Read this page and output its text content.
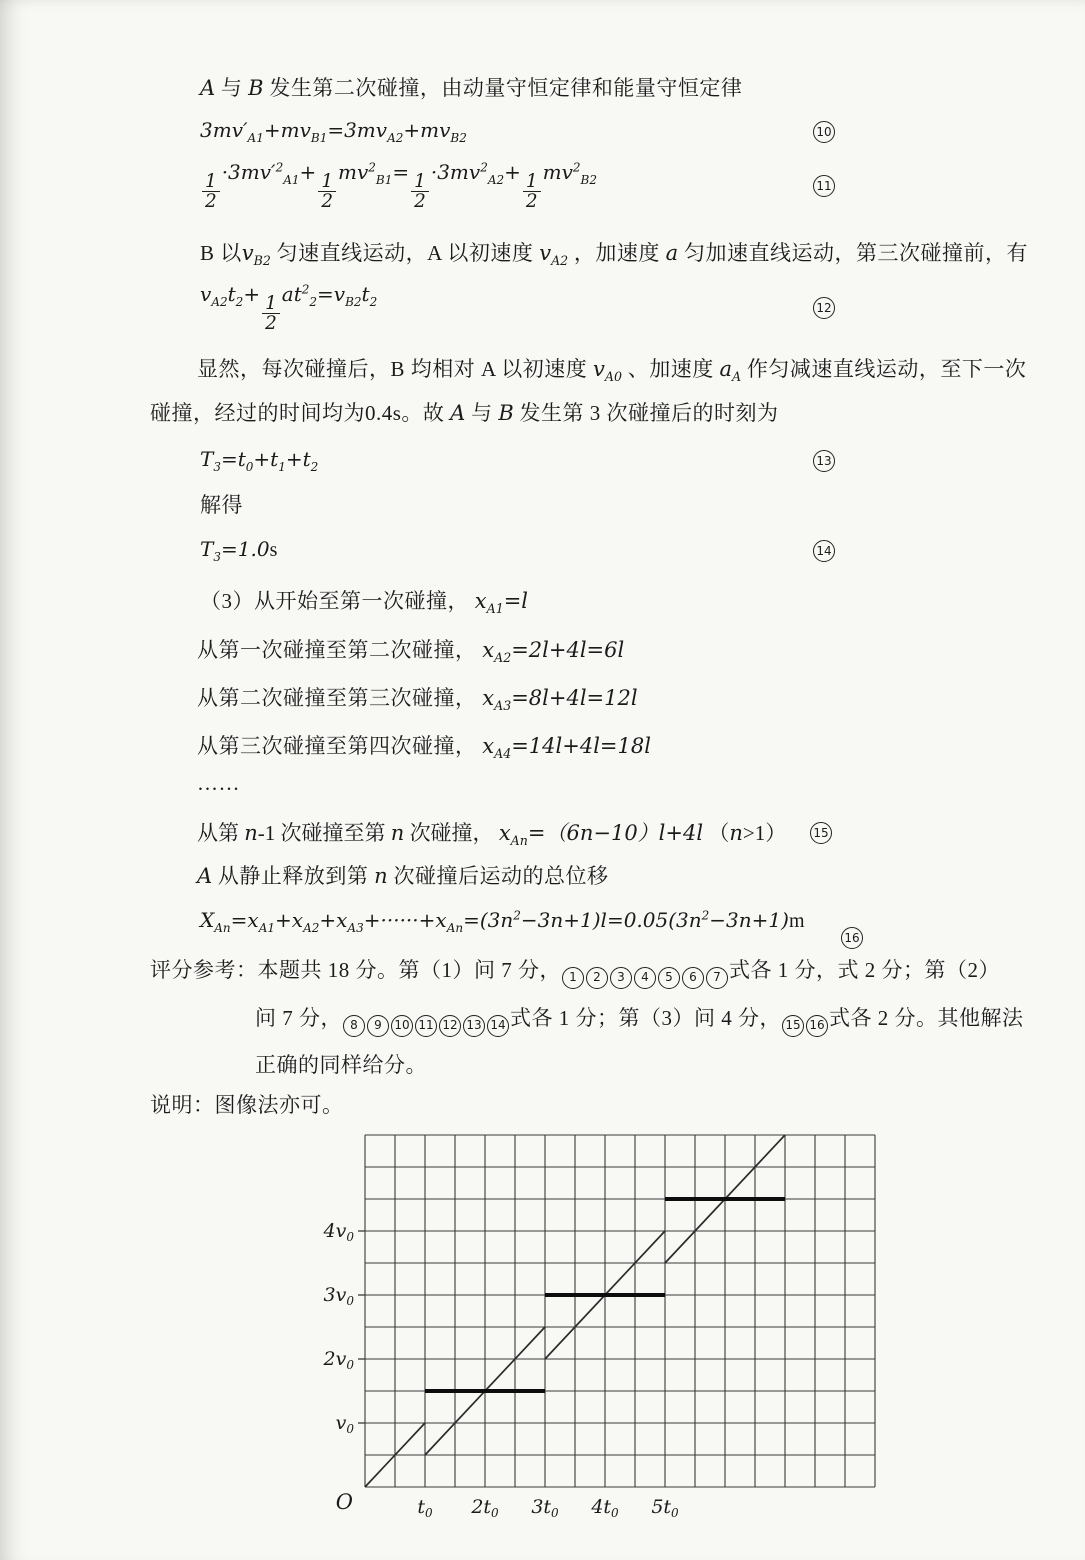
A 与 B 发生第二次碰撞，由动量守恒定律和能量守恒定律
$3mv'_{A1}+mv_{B1}=3mv_{A2}+mv_{B2}$	10
$\frac{1}{2} \cdot 3mv'^2_{A1}+ \frac{1}{2} mv^2_{B1}= \frac{1}{2} \cdot 3mv^2_{A2}+ \frac{1}{2} mv^2_{B2}$	11
B 以$v_{B2}$ 匀速直线运动，A 以初速度 $v_{A2}$ ，加速度 a 匀加速直线运动，第三次碰撞前，有
$v_{A2}t_2+ \frac{1}{2} at^2_2=v_{B2}t_2$	12
显然，每次碰撞后，B 均相对 A 以初速度 $v_{A0}$ 、加速度 $a_A$ 作匀减速直线运动，至下一次
碰撞，经过的时间均为0.4s。故 A 与 B 发生第 3 次碰撞后的时刻为
$T_3=t_0+t_1+t_2$	13
解得
$T_3=1.0s$	14
（3）从开始至第一次碰撞， $x_{A1}=l$
从第一次碰撞至第二次碰撞， $x_{A2}=2l+4l=6l$
从第二次碰撞至第三次碰撞， $x_{A3}=8l+4l=12l$
从第三次碰撞至第四次碰撞， $x_{A4}=14l+4l=18l$
……
从第 n-1 次碰撞至第 n 次碰撞， $x_{An}=(6n-10)l+4l$ （n>1） 15
A 从静止释放到第 n 次碰撞后运动的总位移
$X_{An}=x_{A1}+x_{A2}+x_{A3}+\cdot\cdot\cdot\cdot\cdot\cdot+x_{An}=(3n^2-3n+1)l=0.05(3n^2-3n+1)m$
16
评分参考：本题共 18 分。第（1）问 7 分， 1 2 3 4 5 6 7 式各 1 分，式 2 分；第（2）
问 7 分， 8 9 10 11 12 13 14 式各 1 分；第（3）问 4 分， 15 16 式各 2 分。其他解法
正确的同样给分。
说明：图像法亦可。
$v_0$
$2v_0$
$3v_0$
$4v_0$
$t_0$ $2t_0$ $3t_0$ $4t_0$ $5t_0$
O
